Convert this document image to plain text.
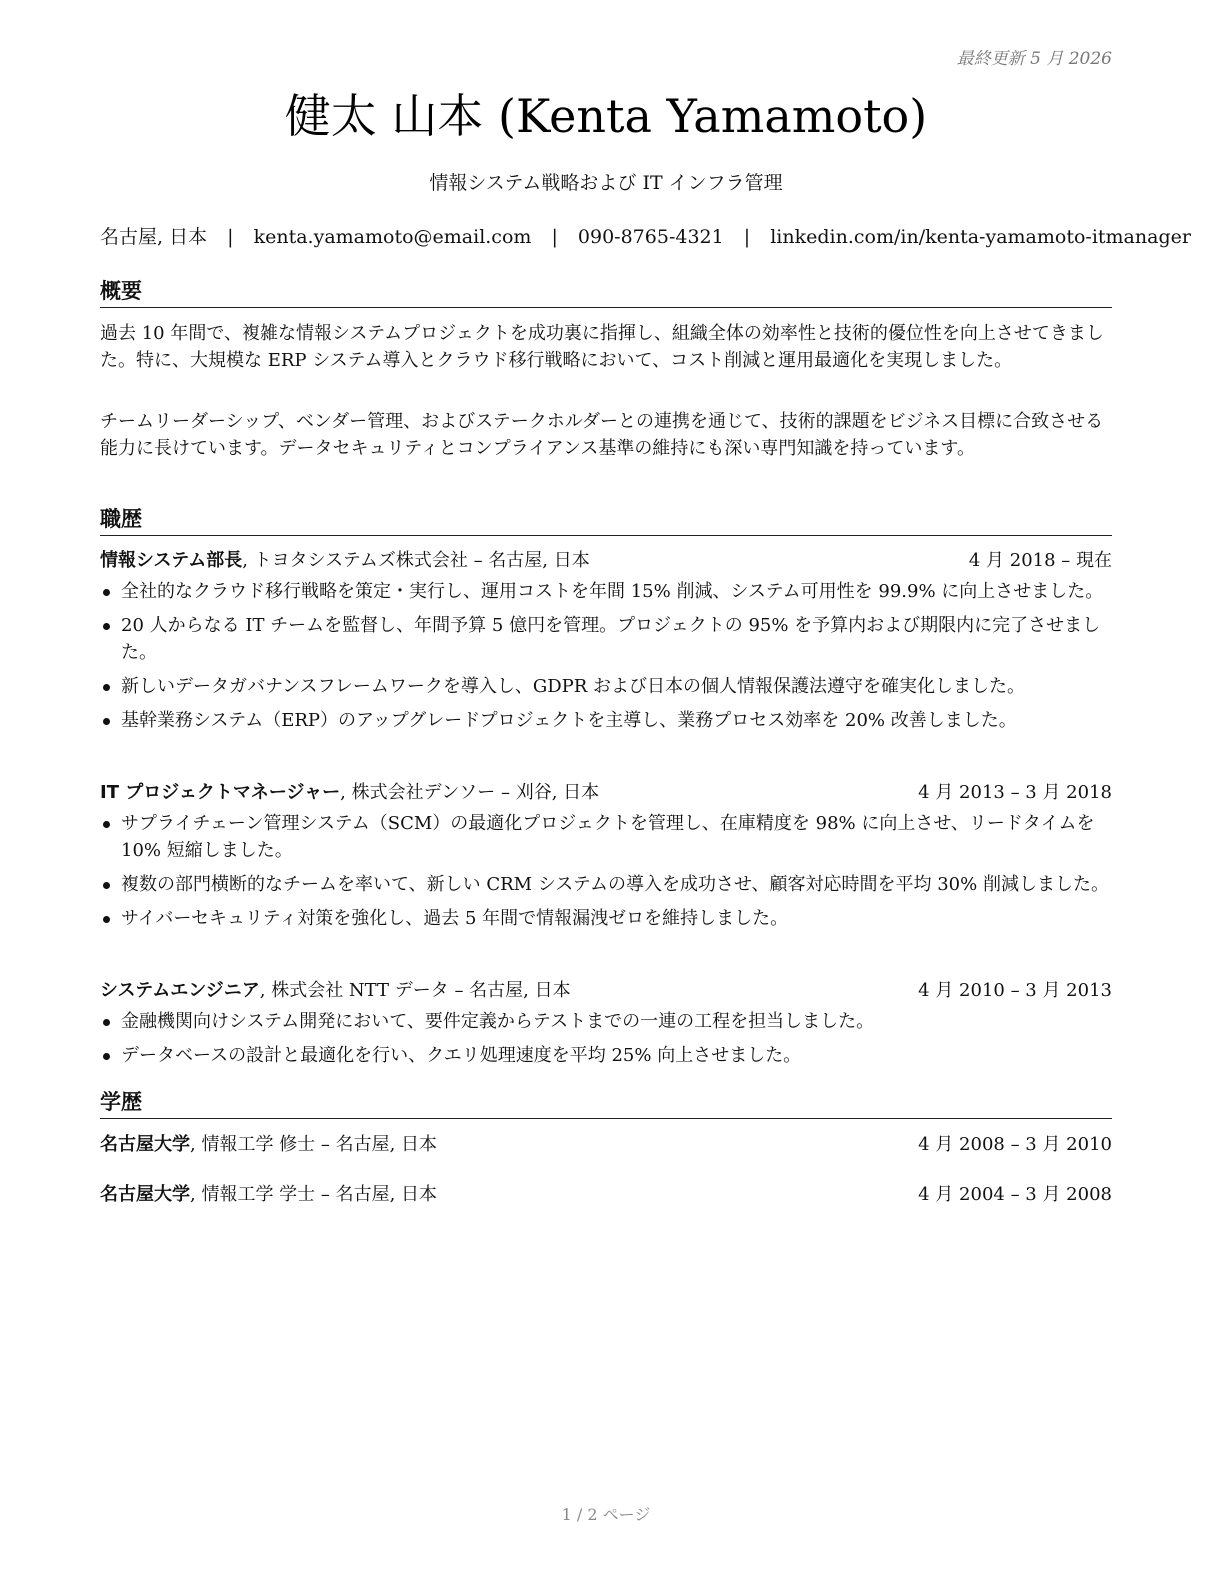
最終更新 5 月 2026
健太 山本 (Kenta Yamamoto)
情報システム戦略および IT インフラ管理
名古屋, 日本 | kenta.yamamoto@email.com | 090-8765-4321 | linkedin.com/in/kenta-yamamoto-itmanager
概要
過去 10 年間で、複雑な情報システムプロジェクトを成功裏に指揮し、組織全体の効率性と技術的優位性を向上させてきました。特に、大規模な ERP システム導入とクラウド移行戦略において、コスト削減と運用最適化を実現しました。
チームリーダーシップ、ベンダー管理、およびステークホルダーとの連携を通じて、技術的課題をビジネス目標に合致させる能力に長けています。データセキュリティとコンプライアンス基準の維持にも深い専門知識を持っています。
職歴
情報システム部長, トヨタシステムズ株式会社 – 名古屋, 日本	4 月 2018 – 現在
全社的なクラウド移行戦略を策定・実行し、運用コストを年間 15% 削減、システム可用性を 99.9% に向上させました。
20 人からなる IT チームを監督し、年間予算 5 億円を管理。プロジェクトの 95% を予算内および期限内に完了させました。
新しいデータガバナンスフレームワークを導入し、GDPR および日本の個人情報保護法遵守を確実化しました。
基幹業務システム（ERP）のアップグレードプロジェクトを主導し、業務プロセス効率を 20% 改善しました。
IT プロジェクトマネージャー, 株式会社デンソー – 刈谷, 日本	4 月 2013 – 3 月 2018
サプライチェーン管理システム（SCM）の最適化プロジェクトを管理し、在庫精度を 98% に向上させ、リードタイムを 10% 短縮しました。
複数の部門横断的なチームを率いて、新しい CRM システムの導入を成功させ、顧客対応時間を平均 30% 削減しました。
サイバーセキュリティ対策を強化し、過去 5 年間で情報漏洩ゼロを維持しました。
システムエンジニア, 株式会社 NTT データ – 名古屋, 日本	4 月 2010 – 3 月 2013
金融機関向けシステム開発において、要件定義からテストまでの一連の工程を担当しました。
データベースの設計と最適化を行い、クエリ処理速度を平均 25% 向上させました。
学歴
名古屋大学, 情報工学 修士 – 名古屋, 日本	4 月 2008 – 3 月 2010
名古屋大学, 情報工学 学士 – 名古屋, 日本	4 月 2004 – 3 月 2008
1 / 2 ページ
